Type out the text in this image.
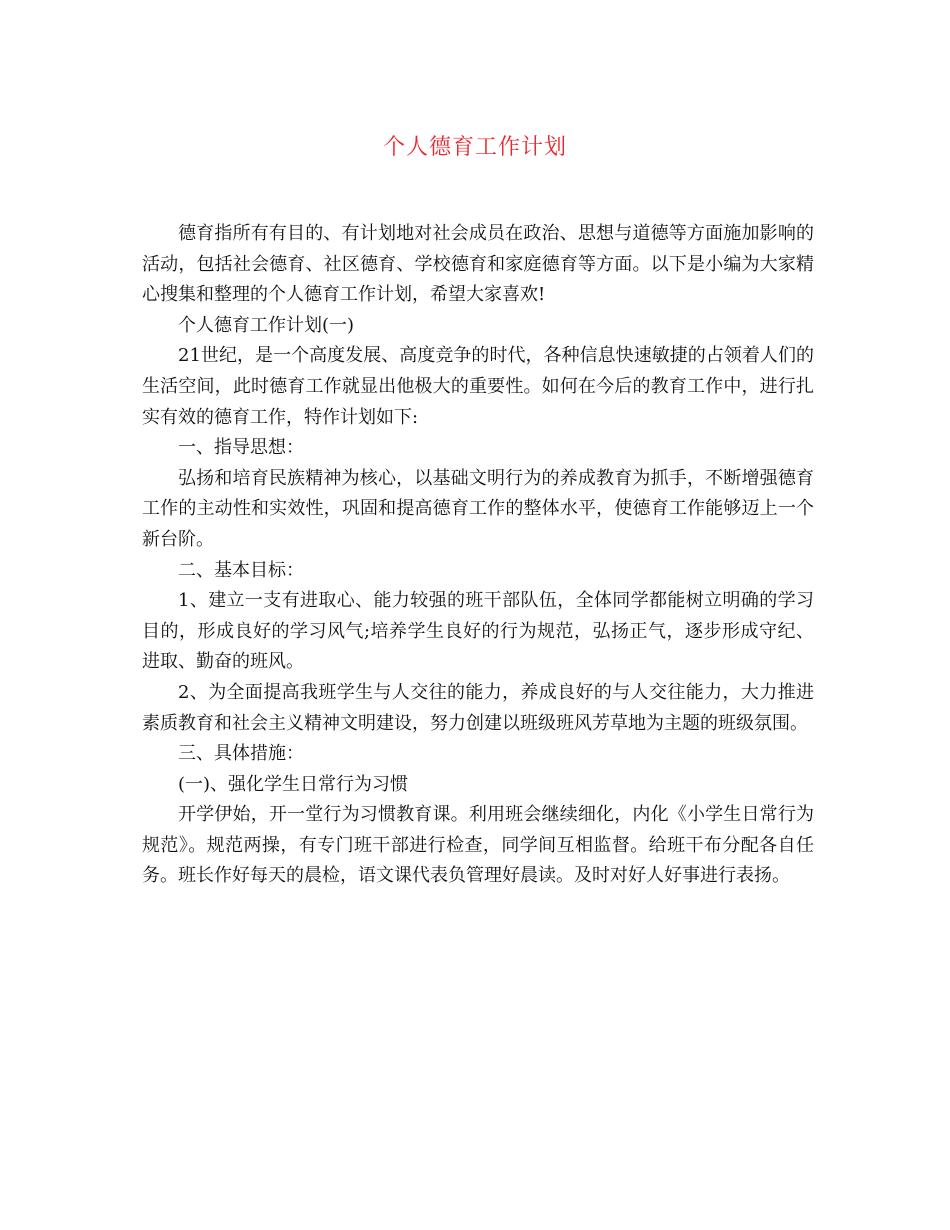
个人德育工作计划

德育指所有有目的、有计划地对社会成员在政治、思想与道德等方面施加影响的活动，包括社会德育、社区德育、学校德育和家庭德育等方面。以下是小编为大家精心搜集和整理的个人德育工作计划，希望大家喜欢!

个人德育工作计划(一)

21世纪，是一个高度发展、高度竞争的时代，各种信息快速敏捷的占领着人们的生活空间，此时德育工作就显出他极大的重要性。如何在今后的教育工作中，进行扎实有效的德育工作，特作计划如下:

一、指导思想：

弘扬和培育民族精神为核心，以基础文明行为的养成教育为抓手，不断增强德育工作的主动性和实效性，巩固和提高德育工作的整体水平，使德育工作能够迈上一个新台阶。

二、基本目标：

1、建立一支有进取心、能力较强的班干部队伍，全体同学都能树立明确的学习目的，形成良好的学习风气;培养学生良好的行为规范，弘扬正气，逐步形成守纪、进取、勤奋的班风。

2、为全面提高我班学生与人交往的能力，养成良好的与人交往能力，大力推进素质教育和社会主义精神文明建设，努力创建以班级班风芳草地为主题的班级氛围。

三、具体措施：

(一)、强化学生日常行为习惯

开学伊始，开一堂行为习惯教育课。利用班会继续细化，内化《小学生日常行为规范》。规范两操，有专门班干部进行检查，同学间互相监督。给班干布分配各自任务。班长作好每天的晨检，语文课代表负管理好晨读。及时对好人好事进行表扬。
